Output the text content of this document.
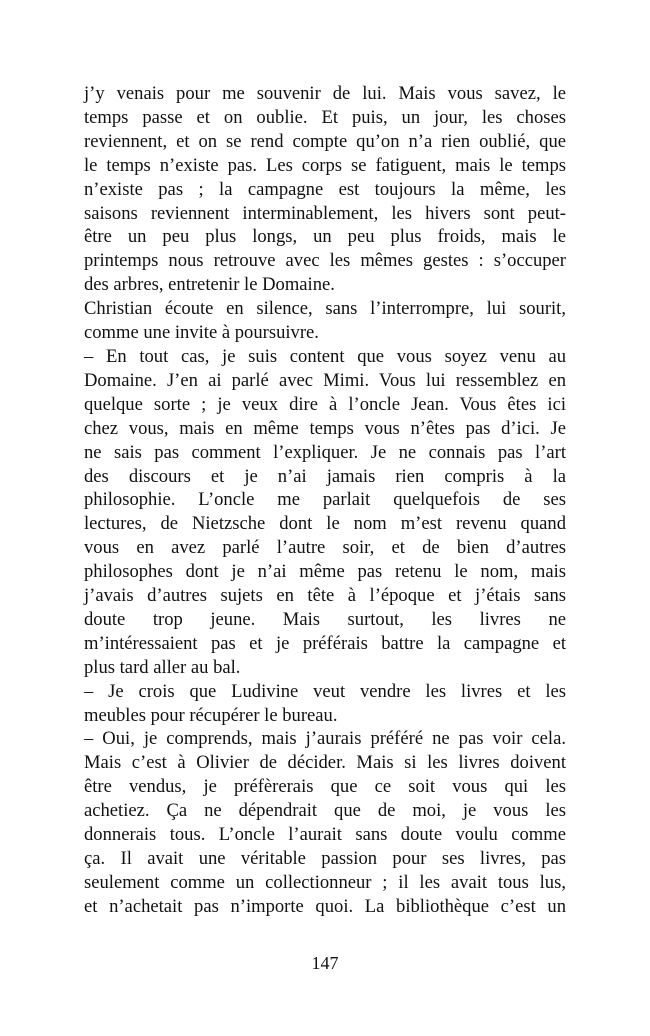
j’y venais pour me souvenir de lui. Mais vous savez, le
temps passe et on oublie. Et puis, un jour, les choses
reviennent, et on se rend compte qu’on n’a rien oublié, que
le temps n’existe pas. Les corps se fatiguent, mais le temps
n’existe pas ; la campagne est toujours la même, les
saisons reviennent interminablement, les hivers sont peut-
être un peu plus longs, un peu plus froids, mais le
printemps nous retrouve avec les mêmes gestes : s’occuper
des arbres, entretenir le Domaine.
Christian écoute en silence, sans l’interrompre, lui sourit,
comme une invite à poursuivre.
– En tout cas, je suis content que vous soyez venu au
Domaine. J’en ai parlé avec Mimi. Vous lui ressemblez en
quelque sorte ; je veux dire à l’oncle Jean. Vous êtes ici
chez vous, mais en même temps vous n’êtes pas d’ici. Je
ne sais pas comment l’expliquer. Je ne connais pas l’art
des discours et je n’ai jamais rien compris à la
philosophie. L’oncle me parlait quelquefois de ses
lectures, de Nietzsche dont le nom m’est revenu quand
vous en avez parlé l’autre soir, et de bien d’autres
philosophes dont je n’ai même pas retenu le nom, mais
j’avais d’autres sujets en tête à l’époque et j’étais sans
doute trop jeune. Mais surtout, les livres ne
m’intéressaient pas et je préférais battre la campagne et
plus tard aller au bal.
– Je crois que Ludivine veut vendre les livres et les
meubles pour récupérer le bureau.
– Oui, je comprends, mais j’aurais préféré ne pas voir cela.
Mais c’est à Olivier de décider. Mais si les livres doivent
être vendus, je préfèrerais que ce soit vous qui les
achetiez. Ça ne dépendrait que de moi, je vous les
donnerais tous. L’oncle l’aurait sans doute voulu comme
ça. Il avait une véritable passion pour ses livres, pas
seulement comme un collectionneur ; il les avait tous lus,
et n’achetait pas n’importe quoi. La bibliothèque c’est un
147
